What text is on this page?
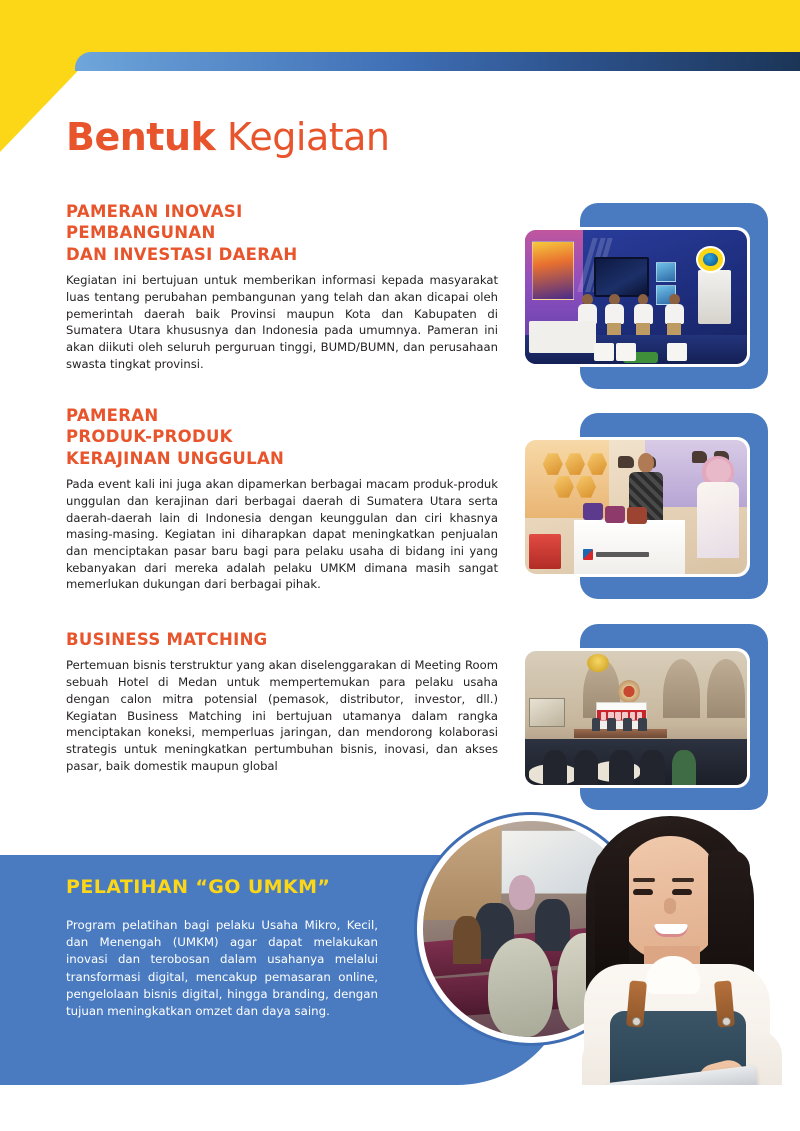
Bentuk Kegiatan
PAMERAN INOVASI
PEMBANGUNAN
DAN INVESTASI DAERAH
Kegiatan ini bertujuan untuk memberikan informasi kepada masyarakat luas tentang perubahan pembangunan yang telah dan akan dicapai oleh pemerintah daerah baik Provinsi maupun Kota dan Kabupaten di Sumatera Utara khususnya dan Indonesia pada umumnya. Pameran ini akan diikuti oleh seluruh perguruan tinggi, BUMD/BUMN, dan perusahaan swasta tingkat provinsi.
PAMERAN
PRODUK-PRODUK
KERAJINAN UNGGULAN
Pada event kali ini juga akan dipamerkan berbagai macam produk-produk unggulan dan kerajinan dari berbagai daerah di Sumatera Utara serta daerah-daerah lain di Indonesia dengan keunggulan dan ciri khasnya masing-masing. Kegiatan ini diharapkan dapat meningkatkan penjualan dan menciptakan pasar baru bagi para pelaku usaha di bidang ini yang kebanyakan dari mereka adalah pelaku UMKM dimana masih sangat memerlukan dukungan dari berbagai pihak.
BUSINESS MATCHING
Pertemuan bisnis terstruktur yang akan diselenggarakan di Meeting Room sebuah Hotel di Medan untuk mempertemukan para pelaku usaha dengan calon mitra potensial (pemasok, distributor, investor, dll.) Kegiatan Business Matching ini bertujuan utamanya dalam rangka menciptakan koneksi, memperluas jaringan, dan mendorong kolaborasi strategis untuk meningkatkan pertumbuhan bisnis, inovasi, dan akses pasar, baik domestik maupun global
PELATIHAN “GO UMKM”
Program pelatihan bagi pelaku Usaha Mikro, Kecil, dan Menengah (UMKM) agar dapat melakukan inovasi dan terobosan dalam usahanya melalui transformasi digital, mencakup pemasaran online, pengelolaan bisnis digital, hingga branding, dengan tujuan meningkatkan omzet dan daya saing.
